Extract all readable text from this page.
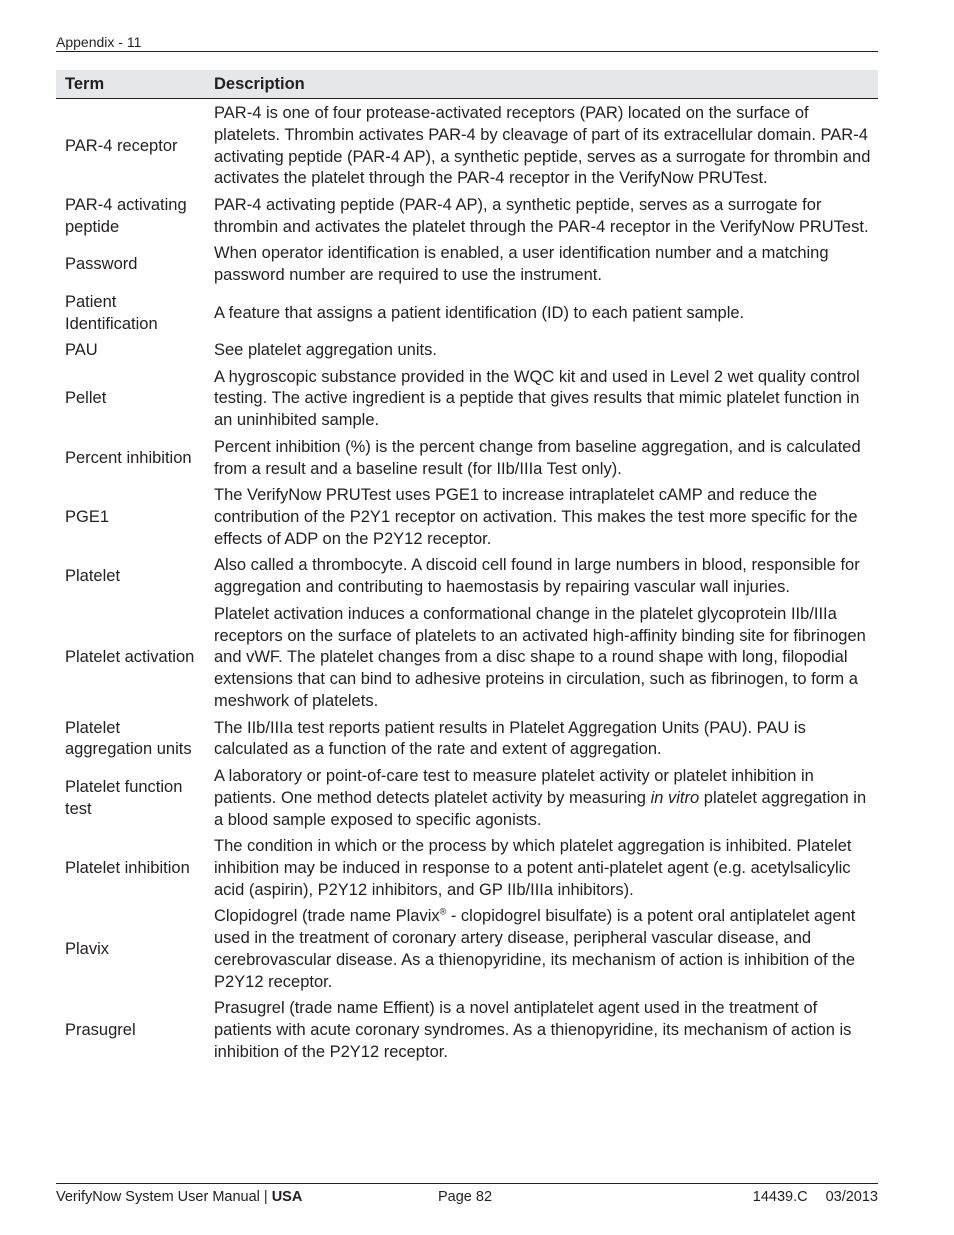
Appendix - 11
Term	Description
PAR-4 receptor	PAR-4 is one of four protease-activated receptors (PAR) located on the surface of platelets. Thrombin activates PAR-4 by cleavage of part of its extracellular domain. PAR-4 activating peptide (PAR-4 AP), a synthetic peptide, serves as a surrogate for thrombin and activates the platelet through the PAR-4 receptor in the VerifyNow PRUTest.
PAR-4 activating peptide	PAR-4 activating peptide (PAR-4 AP), a synthetic peptide, serves as a surrogate for thrombin and activates the platelet through the PAR-4 receptor in the VerifyNow PRUTest.
Password	When operator identification is enabled, a user identification number and a matching password number are required to use the instrument.
Patient Identification	A feature that assigns a patient identification (ID) to each patient sample.
PAU	See platelet aggregation units.
Pellet	A hygroscopic substance provided in the WQC kit and used in Level 2 wet quality control testing. The active ingredient is a peptide that gives results that mimic platelet function in an uninhibited sample.
Percent inhibition	Percent inhibition (%) is the percent change from baseline aggregation, and is calculated from a result and a baseline result (for IIb/IIIa Test only).
PGE1	The VerifyNow PRUTest uses PGE1 to increase intraplatelet cAMP and reduce the contribution of the P2Y1 receptor on activation. This makes the test more specific for the effects of ADP on the P2Y12 receptor.
Platelet	Also called a thrombocyte. A discoid cell found in large numbers in blood, responsible for aggregation and contributing to haemostasis by repairing vascular wall injuries.
Platelet activation	Platelet activation induces a conformational change in the platelet glycoprotein IIb/IIIa receptors on the surface of platelets to an activated high-affinity binding site for fibrinogen and vWF. The platelet changes from a disc shape to a round shape with long, filopodial extensions that can bind to adhesive proteins in circulation, such as fibrinogen, to form a meshwork of platelets.
Platelet aggregation units	The IIb/IIIa test reports patient results in Platelet Aggregation Units (PAU). PAU is calculated as a function of the rate and extent of aggregation.
Platelet function test	A laboratory or point-of-care test to measure platelet activity or platelet inhibition in patients. One method detects platelet activity by measuring in vitro platelet aggregation in a blood sample exposed to specific agonists.
Platelet inhibition	The condition in which or the process by which platelet aggregation is inhibited. Platelet inhibition may be induced in response to a potent anti-platelet agent (e.g. acetylsalicylic acid (aspirin), P2Y12 inhibitors, and GP IIb/IIIa inhibitors).
Plavix	Clopidogrel (trade name Plavix® - clopidogrel bisulfate) is a potent oral antiplatelet agent used in the treatment of coronary artery disease, peripheral vascular disease, and cerebrovascular disease. As a thienopyridine, its mechanism of action is inhibition of the P2Y12 receptor.
Prasugrel	Prasugrel (trade name Effient) is a novel antiplatelet agent used in the treatment of patients with acute coronary syndromes. As a thienopyridine, its mechanism of action is inhibition of the P2Y12 receptor.
VerifyNow System User Manual | USA	Page 82	14439.C 03/2013
